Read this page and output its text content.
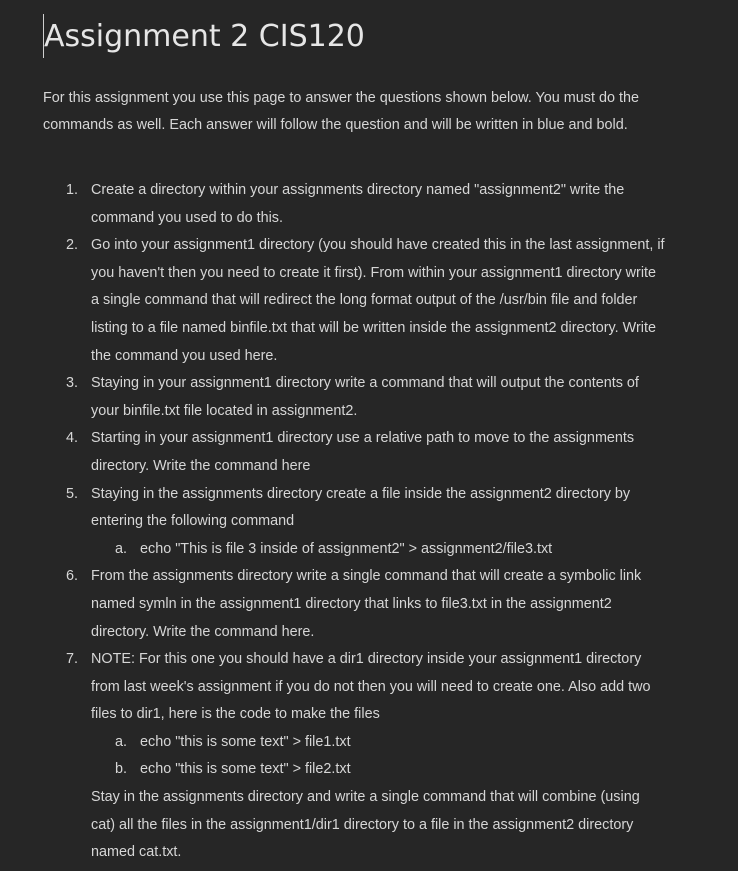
Assignment 2 CIS120

For this assignment you use this page to answer the questions shown below. You must do the commands as well. Each answer will follow the question and will be written in blue and bold.

1. Create a directory within your assignments directory named "assignment2" write the command you used to do this.
2. Go into your assignment1 directory (you should have created this in the last assignment, if you haven't then you need to create it first). From within your assignment1 directory write a single command that will redirect the long format output of the /usr/bin file and folder listing to a file named binfile.txt that will be written inside the assignment2 directory. Write the command you used here.
3. Staying in your assignment1 directory write a command that will output the contents of your binfile.txt file located in assignment2.
4. Starting in your assignment1 directory use a relative path to move to the assignments directory. Write the command here
5. Staying in the assignments directory create a file inside the assignment2 directory by entering the following command
a. echo "This is file 3 inside of assignment2" > assignment2/file3.txt
6. From the assignments directory write a single command that will create a symbolic link named symln in the assignment1 directory that links to file3.txt in the assignment2 directory. Write the command here.
7. NOTE: For this one you should have a dir1 directory inside your assignment1 directory from last week's assignment if you do not then you will need to create one. Also add two files to dir1, here is the code to make the files
a. echo "this is some text" > file1.txt
b. echo "this is some text" > file2.txt
Stay in the assignments directory and write a single command that will combine (using cat) all the files in the assignment1/dir1 directory to a file in the assignment2 directory named cat.txt.
